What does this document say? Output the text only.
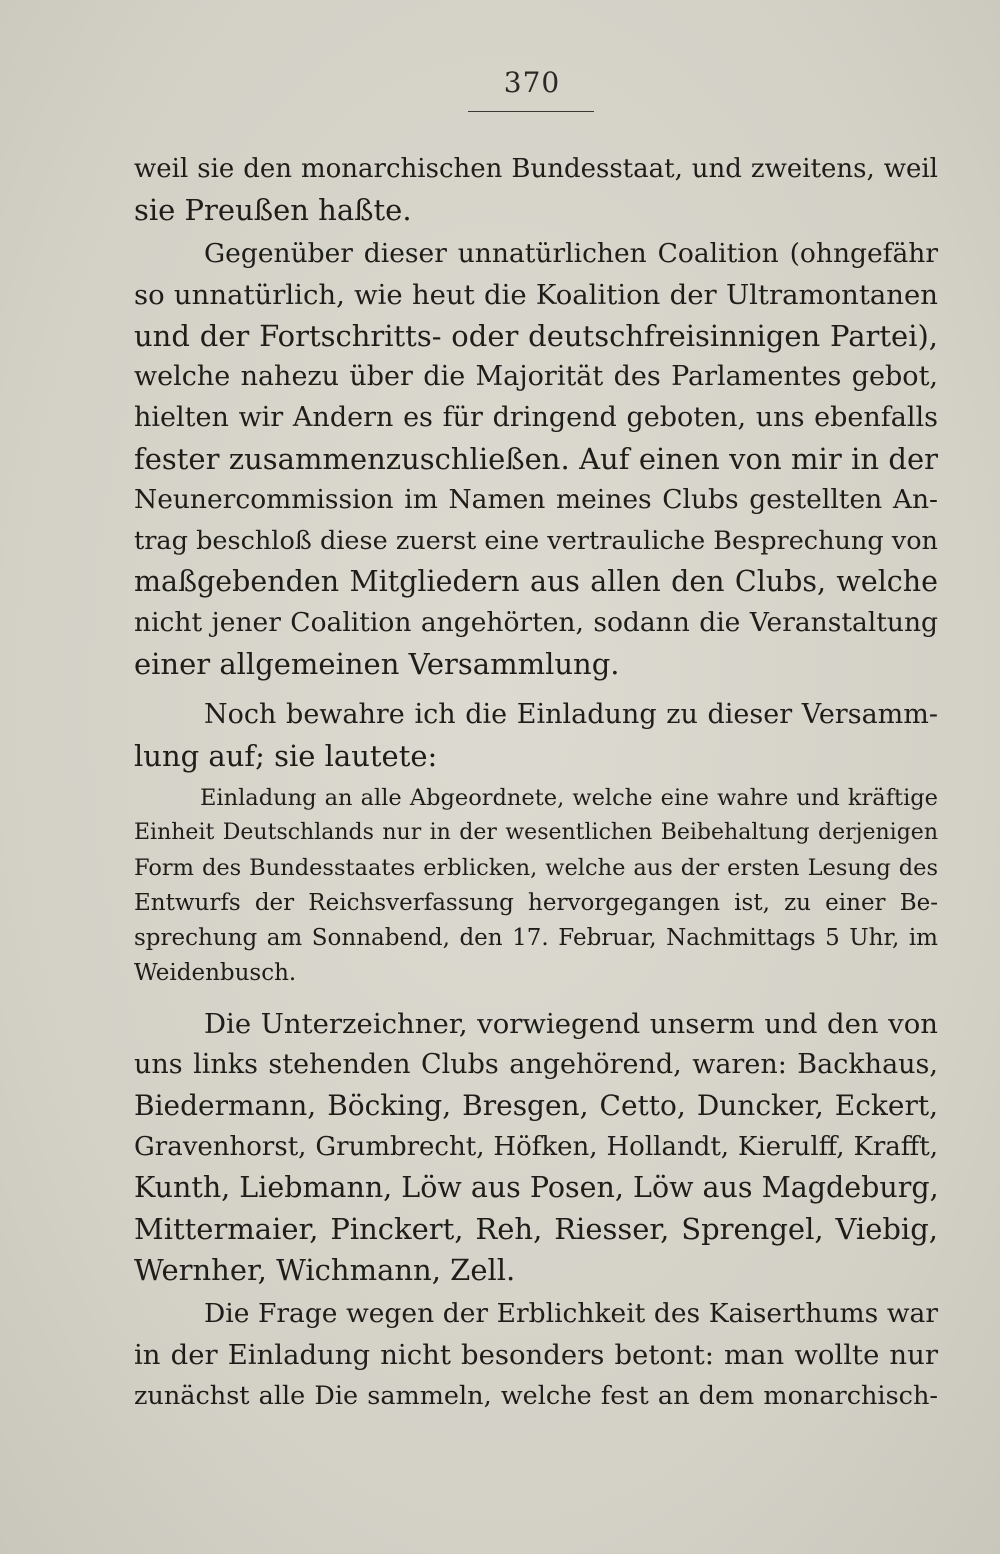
370
weil sie den monarchischen Bundesstaat, und zweitens, weil
sie Preußen haßte.
Gegenüber dieser unnatürlichen Coalition (ohngefähr
so unnatürlich, wie heut die Koalition der Ultramontanen
und der Fortschritts- oder deutschfreisinnigen Partei),
welche nahezu über die Majorität des Parlamentes gebot,
hielten wir Andern es für dringend geboten, uns ebenfalls
fester zusammenzuschließen. Auf einen von mir in der
Neunercommission im Namen meines Clubs gestellten An-
trag beschloß diese zuerst eine vertrauliche Besprechung von
maßgebenden Mitgliedern aus allen den Clubs, welche
nicht jener Coalition angehörten, sodann die Veranstaltung
einer allgemeinen Versammlung.
Noch bewahre ich die Einladung zu dieser Versamm-
lung auf; sie lautete:
Einladung an alle Abgeordnete, welche eine wahre und kräftige
Einheit Deutschlands nur in der wesentlichen Beibehaltung derjenigen
Form des Bundesstaates erblicken, welche aus der ersten Lesung des
Entwurfs der Reichsverfassung hervorgegangen ist, zu einer Be-
sprechung am Sonnabend, den 17. Februar, Nachmittags 5 Uhr, im
Weidenbusch.
Die Unterzeichner, vorwiegend unserm und den von
uns links stehenden Clubs angehörend, waren: Backhaus,
Biedermann, Böcking, Bresgen, Cetto, Duncker, Eckert,
Gravenhorst, Grumbrecht, Höfken, Hollandt, Kierulff, Krafft,
Kunth, Liebmann, Löw aus Posen, Löw aus Magdeburg,
Mittermaier, Pinckert, Reh, Riesser, Sprengel, Viebig,
Wernher, Wichmann, Zell.
Die Frage wegen der Erblichkeit des Kaiserthums war
in der Einladung nicht besonders betont: man wollte nur
zunächst alle Die sammeln, welche fest an dem monarchisch-
